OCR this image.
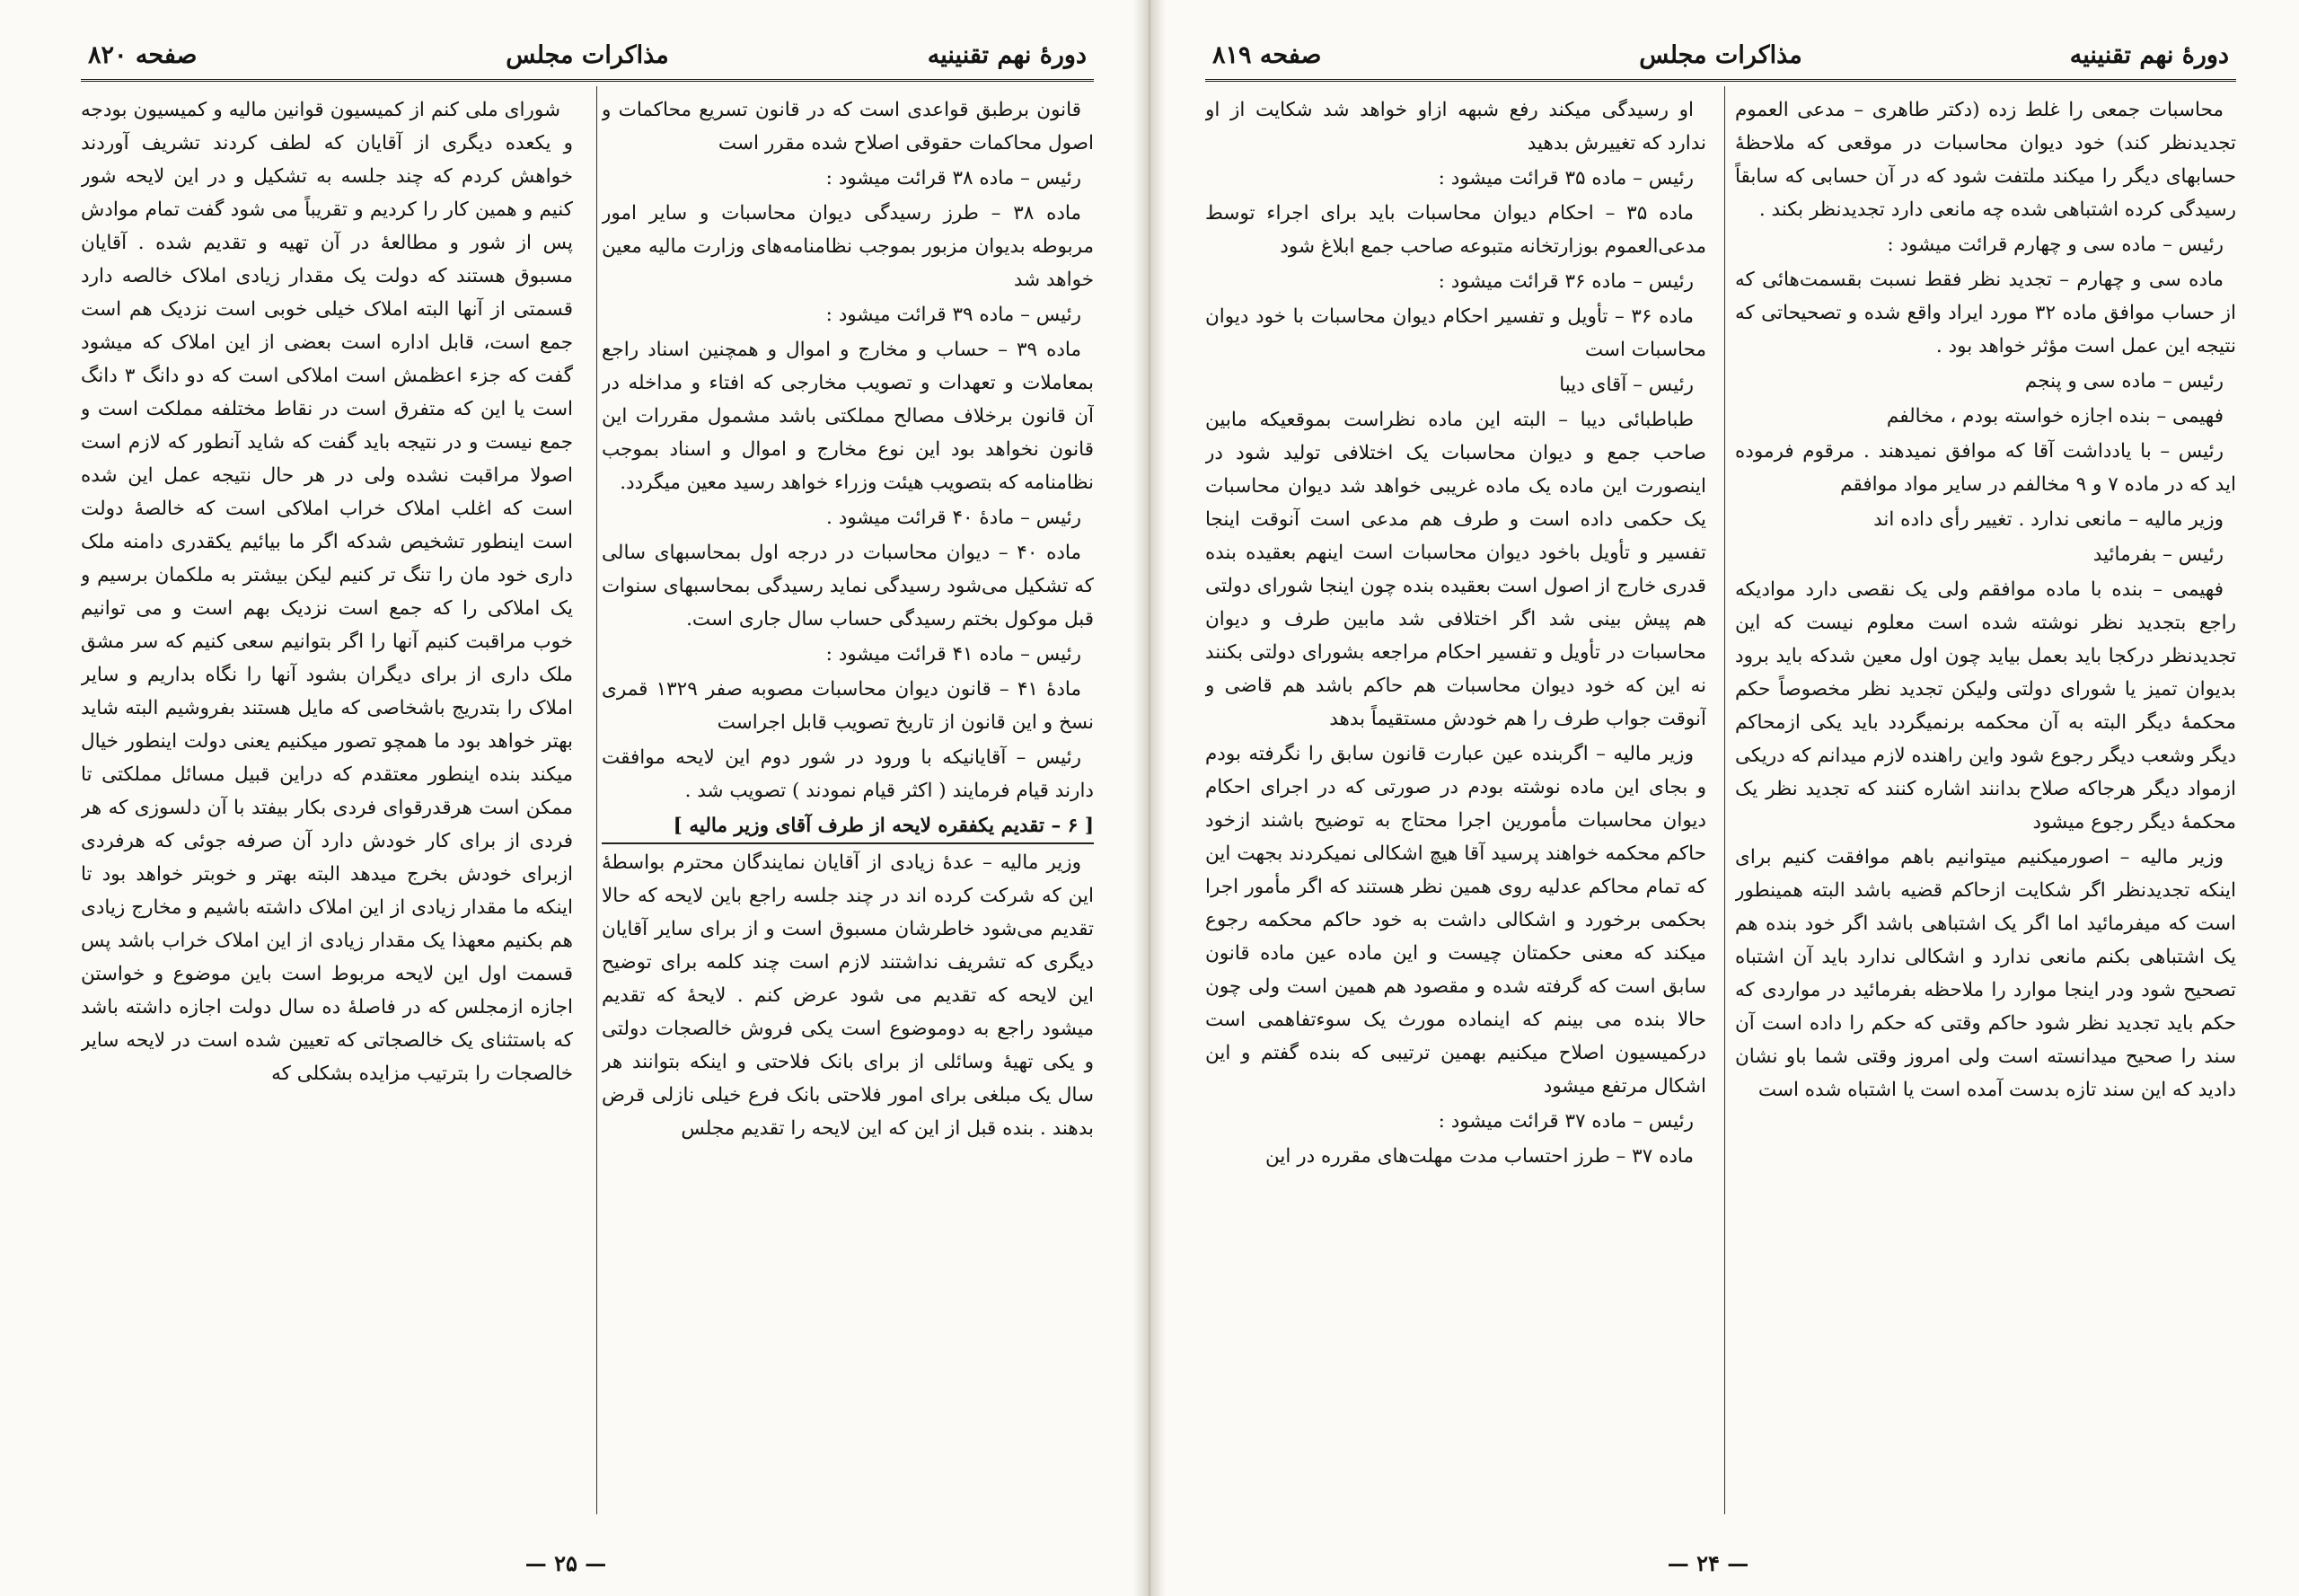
دورهٔ نهم تقنینیه
مذاکرات مجلس
صفحه ۸۲۰

قانون برطبق قواعدی است که در قانون تسریع محاکمات و اصول محاکمات حقوقی اصلاح شده مقرر است

رئیس – ماده ۳۸ قرائت میشود :

ماده ۳۸ – طرز رسیدگی دیوان محاسبات و سایر امور مربوطه بدیوان مزبور بموجب نظامنامه‌های وزارت مالیه معین خواهد شد

رئیس – ماده ۳۹ قرائت میشود :

ماده ۳۹ – حساب و مخارج و اموال و همچنین اسناد راجع بمعاملات و تعهدات و تصویب مخارجی که افتاء و مداخله در آن قانون برخلاف مصالح مملکتی باشد مشمول مقررات این قانون نخواهد بود این نوع مخارج و اموال و اسناد بموجب نظامنامه که بتصویب هیئت وزراء خواهد رسید معین میگردد.

رئیس – مادهٔ ۴۰ قرائت میشود .

ماده ۴۰ – دیوان محاسبات در درجه اول بمحاسبهای سالی که تشکیل می‌شود رسیدگی نماید رسیدگی بمحاسبهای سنوات قبل موکول بختم رسیدگی حساب سال جاری است.

رئیس – ماده ۴۱ قرائت میشود :

مادهٔ ۴۱ – قانون دیوان محاسبات مصوبه صفر ۱۳۲۹ قمری نسخ و این قانون از تاریخ تصویب قابل اجراست

رئیس – آقایانیکه با ورود در شور دوم این لایحه موافقت دارند قیام فرمایند ( اکثر قیام نمودند ) تصویب شد .

[ ۶ – تقدیم یکفقره لایحه از طرف آقای وزیر مالیه ]

وزیر مالیه – عدهٔ زیادی از آقایان نمایندگان محترم بواسطهٔ این که شرکت کرده اند در چند جلسه راجع باین لایحه که حالا تقدیم می‌شود خاطرشان مسبوق است و از برای سایر آقایان دیگری که تشریف نداشتند لازم است چند کلمه برای توضیح این لایحه که تقدیم می شود عرض کنم . لایحهٔ که تقدیم میشود راجع به دوموضوع است یکی فروش خالصجات دولتی و یکی تهیهٔ وسائلی از برای بانک فلاحتی و اینکه بتوانند هر سال یک مبلغی برای امور فلاحتی بانک فرع خیلی نازلی قرض بدهند . بنده قبل از این که این لایحه را تقدیم مجلس

شورای ملی کنم از کمیسیون قوانین مالیه و کمیسیون بودجه و یکعده دیگری از آقایان که لطف کردند تشریف آوردند خواهش کردم که چند جلسه به تشکیل و در این لایحه شور کنیم و همین کار را کردیم و تقریباً می شود گفت تمام موادش پس از شور و مطالعهٔ در آن تهیه و تقدیم شده . آقایان مسبوق هستند که دولت یک مقدار زیادی املاک خالصه دارد قسمتی از آنها البته املاک خیلی خوبی است نزدیک هم است جمع است، قابل اداره است بعضی از این املاک که میشود گفت که جزء اعظمش است املاکی است که دو دانگ ۳ دانگ است یا این که متفرق است در نقاط مختلفه مملکت است و جمع نیست و در نتیجه باید گفت که شاید آنطور که لازم است اصولا مراقبت نشده ولی در هر حال نتیجه عمل این شده است که اغلب املاک خراب املاکی است که خالصهٔ دولت است اینطور تشخیص شدکه اگر ما بیائیم یکقدری دامنه ملک داری خود مان را تنگ تر کنیم لیکن بیشتر به ملکمان برسیم و یک املاکی را که جمع است نزدیک بهم است و می توانیم خوب مراقبت کنیم آنها را اگر بتوانیم سعی کنیم که سر مشق ملک داری از برای دیگران بشود آنها را نگاه بداریم و سایر املاک را بتدریج باشخاصی که مایل هستند بفروشیم البته شاید بهتر خواهد بود ما همچو تصور میکنیم یعنی دولت اینطور خیال میکند بنده اینطور معتقدم که دراین قبیل مسائل مملکتی تا ممکن است هرقدرقوای فردی بکار بیفتد با آن دلسوزی که هر فردی از برای کار خودش دارد آن صرفه جوئی که هرفردی ازبرای خودش بخرج میدهد البته بهتر و خوبتر خواهد بود تا اینکه ما مقدار زیادی از این املاک داشته باشیم و مخارج زیادی هم بکنیم معهذا یک مقدار زیادی از این املاک خراب باشد پس قسمت اول این لایحه مربوط است باین موضوع و خواستن اجازه ازمجلس که در فاصلهٔ ده سال دولت اجازه داشته باشد که باستثنای یک خالصجاتی که تعیین شده است در لایحه سایر خالصجات را بترتیب مزایده بشکلی که

— ۲۵ —
دورهٔ نهم تقنینیه
مذاکرات مجلس
صفحه ۸۱۹

محاسبات جمعی را غلط زده (دکتر طاهری – مدعی العموم تجدیدنظر کند) خود دیوان محاسبات در موقعی که ملاحظهٔ حسابهای دیگر را میکند ملتفت شود که در آن حسابی که سابقاً رسیدگی کرده اشتباهی شده چه مانعی دارد تجدیدنظر بکند .

رئیس – ماده سی و چهارم قرائت میشود :

ماده سی و چهارم – تجدید نظر فقط نسبت بقسمت‌هائی که از حساب موافق ماده ۳۲ مورد ایراد واقع شده و تصحیحاتی که نتیجه این عمل است مؤثر خواهد بود .

رئیس – ماده سی و پنجم

فهیمی – بنده اجازه خواسته بودم ، مخالفم

رئیس – با یادداشت آقا که موافق نمیدهند . مرقوم فرموده اید که در ماده ۷ و ۹ مخالفم در سایر مواد موافقم

وزیر مالیه – مانعی ندارد . تغییر رأی داده اند

رئیس – بفرمائید

فهیمی – بنده با ماده موافقم ولی یک نقصی دارد موادیکه راجع بتجدید نظر نوشته شده است معلوم نیست که این تجدیدنظر درکجا باید بعمل بیاید چون اول معین شدکه باید برود بدیوان تمیز یا شورای دولتی ولیکن تجدید نظر مخصوصاً حکم محکمهٔ دیگر البته به آن محکمه برنمیگردد باید یکی ازمحاکم دیگر وشعب دیگر رجوع شود واین راهنده لازم میدانم که دریکی ازمواد دیگر هرجاکه صلاح بدانند اشاره کنند که تجدید نظر یک محکمهٔ دیگر رجوع میشود

وزیر مالیه – اصورمیکنیم میتوانیم باهم موافقت کنیم برای اینکه تجدیدنظر اگر شکایت ازحاکم قضیه باشد البته همینطور است که میفرمائید اما اگر یک اشتباهی باشد اگر خود بنده هم یک اشتباهی بکنم مانعی ندارد و اشکالی ندارد باید آن اشتباه تصحیح شود ودر اینجا موارد را ملاحظه بفرمائید در مواردی که حکم باید تجدید نظر شود حاکم وقتی که حکم را داده است آن سند را صحیح میدانسته است ولی امروز وقتی شما باو نشان دادید که این سند تازه بدست آمده است یا اشتباه شده است

او رسیدگی میکند رفع شبهه ازاو خواهد شد شکایت از او ندارد که تغییرش بدهید

رئیس – ماده ۳۵ قرائت میشود :

ماده ۳۵ – احکام دیوان محاسبات باید برای اجراء توسط مدعی‌العموم بوزارتخانه متبوعه صاحب جمع ابلاغ شود

رئیس – ماده ۳۶ قرائت میشود :

ماده ۳۶ – تأویل و تفسیر احکام دیوان محاسبات با خود دیوان محاسبات است

رئیس – آقای دیبا

طباطبائی دیبا – البته این ماده نظراست بموقعیکه مابین صاحب جمع و دیوان محاسبات یک اختلافی تولید شود در اینصورت این ماده یک ماده غریبی خواهد شد دیوان محاسبات یک حکمی داده است و طرف هم مدعی است آنوقت اینجا تفسیر و تأویل باخود دیوان محاسبات است اینهم بعقیده بنده قدری خارج از اصول است بعقیده بنده چون اینجا شورای دولتی هم پیش بینی شد اگر اختلافی شد مابین طرف و دیوان محاسبات در تأویل و تفسیر احکام مراجعه بشورای دولتی بکنند نه این که خود دیوان محاسبات هم حاکم باشد هم قاضی و آنوقت جواب طرف را هم خودش مستقیماً بدهد

وزیر مالیه – اگربنده عین عبارت قانون سابق را نگرفته بودم و بجای این ماده نوشته بودم در صورتی که در اجرای احکام دیوان محاسبات مأمورین اجرا محتاج به توضیح باشند ازخود حاکم محکمه خواهند پرسید آقا هیچ اشکالی نمیکردند بجهت این که تمام محاکم عدلیه روی همین نظر هستند که اگر مأمور اجرا بحکمی برخورد و اشکالی داشت به خود حاکم محکمه رجوع میکند که معنی حکمتان چیست و این ماده عین ماده قانون سابق است که گرفته شده و مقصود هم همین است ولی چون حالا بنده می بینم که اینماده مورث یک سوءتفاهمی است درکمیسیون اصلاح میکنیم بهمین ترتیبی که بنده گفتم و این اشکال مرتفع میشود

رئیس – ماده ۳۷ قرائت میشود :

ماده ۳۷ – طرز احتساب مدت مهلت‌های مقرره در این

— ۲۴ —
